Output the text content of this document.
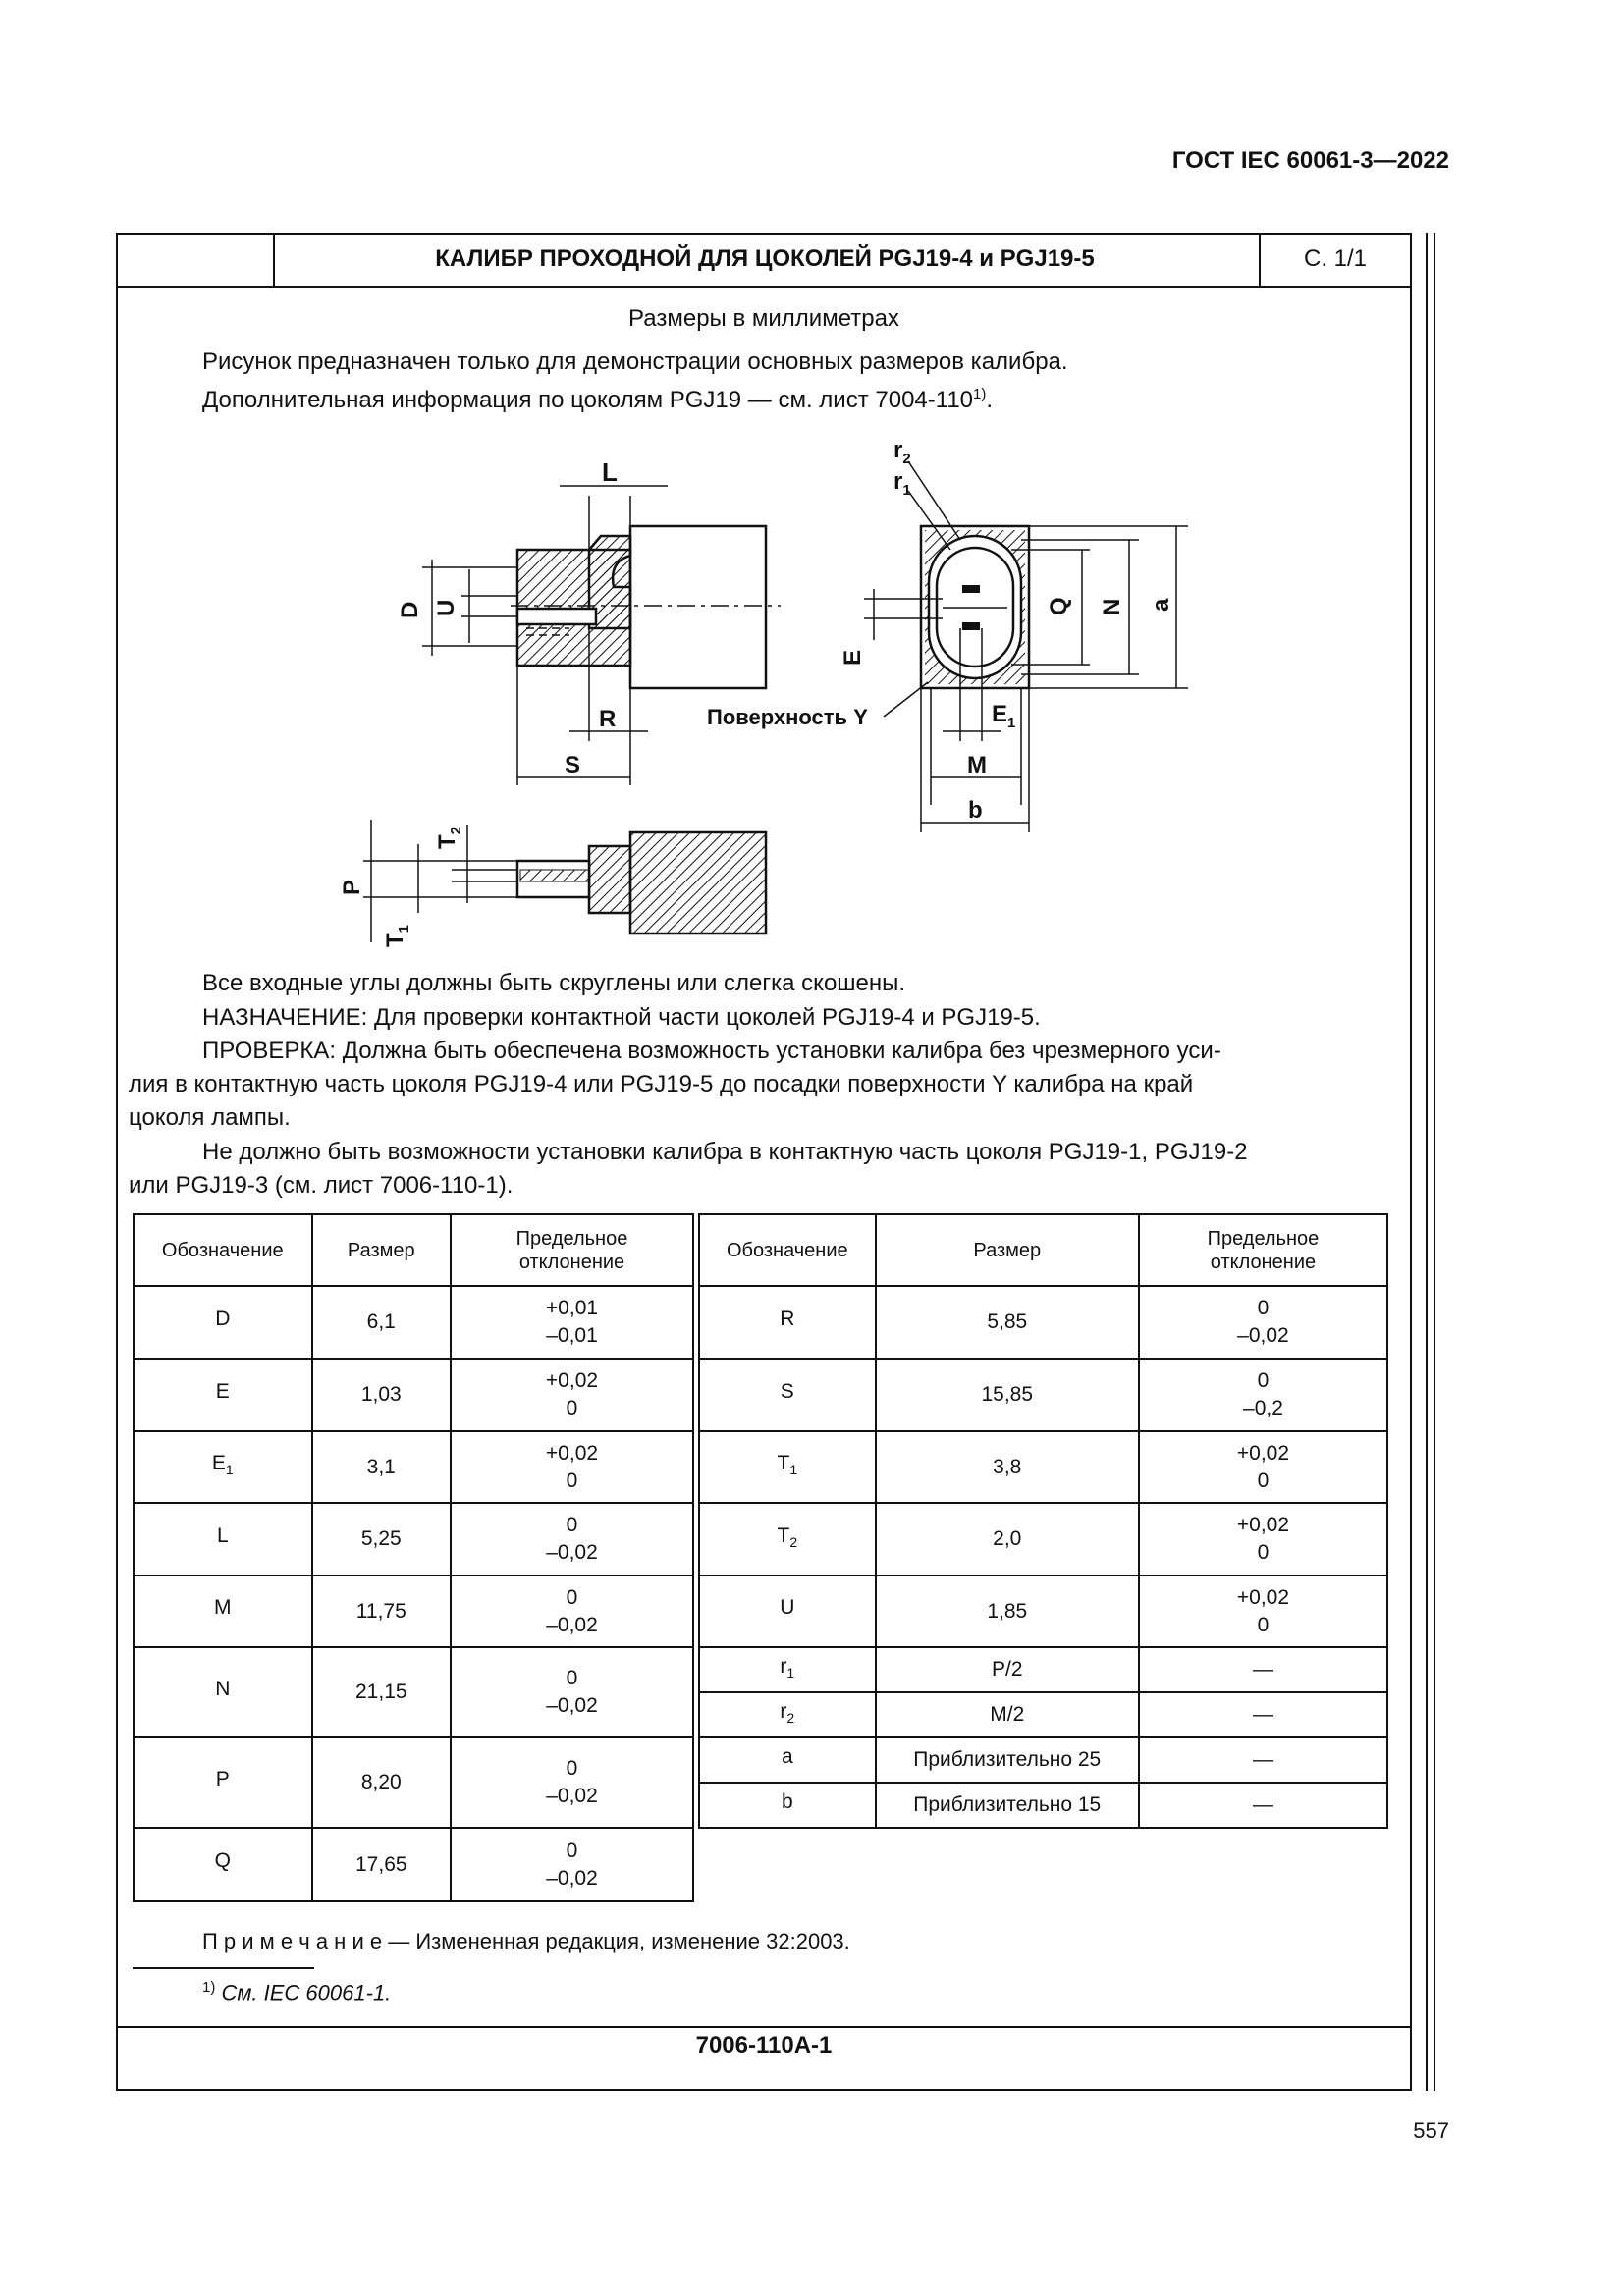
ГОСТ IEC 60061-3—2022
КАЛИБР ПРОХОДНОЙ ДЛЯ ЦОКОЛЕЙ PGJ19-4 и PGJ19-5	С. 1/1
Размеры в миллиметрах
Рисунок предназначен только для демонстрации основных размеров калибра.
Дополнительная информация по цоколям PGJ19 — см. лист 7004-110$^{1)}$.
L
D U
R
S
$r_2$
$r_1$
Q N a
E
$E_1$
M
b
Поверхность Y
P
$T_1$
$T_2$
Все входные углы должны быть скруглены или слегка скошены.
НАЗНАЧЕНИЕ: Для проверки контактной части цоколей PGJ19-4 и PGJ19-5.
ПРОВЕРКА: Должна быть обеспечена возможность установки калибра без чрезмерного уси-
лия в контактную часть цоколя PGJ19-4 или PGJ19-5 до посадки поверхности Y калибра на край
цоколя лампы.
Не должно быть возможности установки калибра в контактную часть цоколя PGJ19-1, PGJ19-2
или PGJ19-3 (см. лист 7006-110-1).
Обозначение	Размер	Предельное
отклонение
D	6,1	+0,01
–0,01
E	1,03	+0,02
0
$E_1$	3,1	+0,02
0
L	5,25	0
–0,02
M	11,75	0
–0,02
N	21,15	0
–0,02
P	8,20	0
–0,02
Q	17,65	0
–0,02
Обозначение	Размер	Предельное
отклонение
R	5,85	0
–0,02
S	15,85	0
–0,2
$T_1$	3,8	+0,02
0
$T_2$	2,0	+0,02
0
U	1,85	+0,02
0
$r_1$	P/2	—
$r_2$	M/2	—
a	Приблизительно 25	—
b	Приблизительно 15	—
П р и м е ч а н и е — Измененная редакция, изменение 32:2003.
$^{1)}$ См. IEC 60061-1.
7006-110A-1
557
